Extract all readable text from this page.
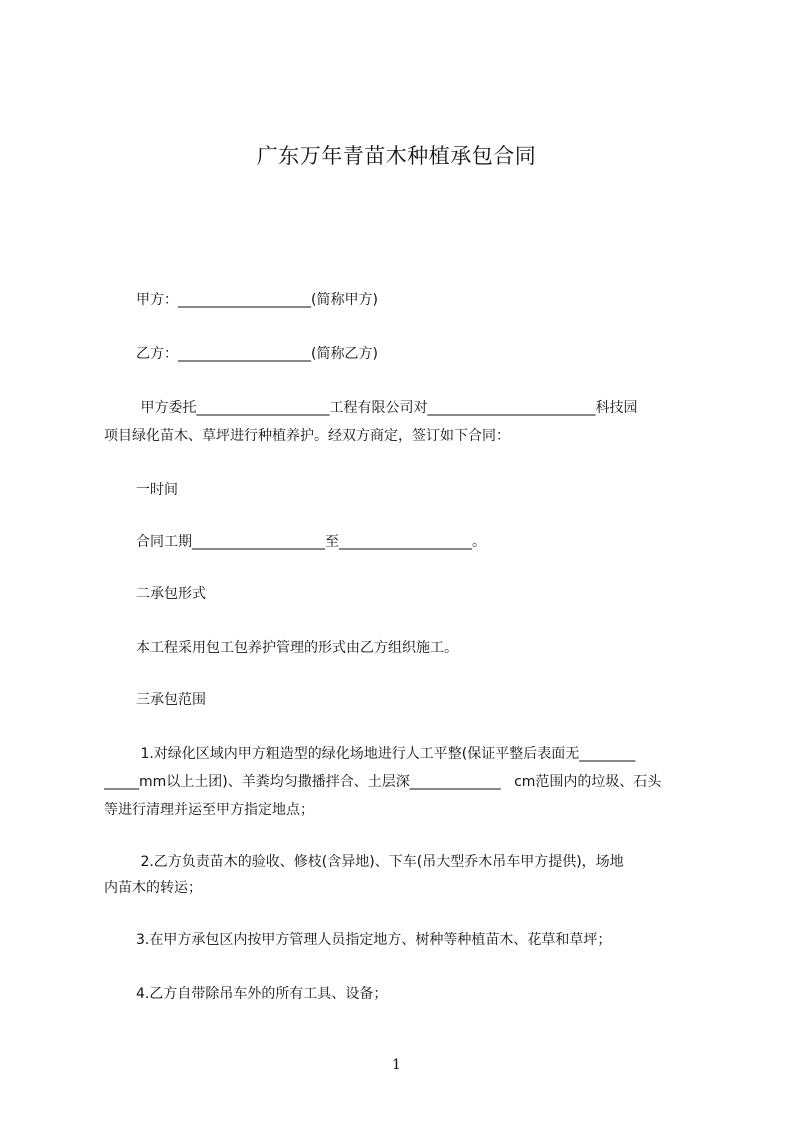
广东万年青苗木种植承包合同
甲方：___________________(简称甲方)
乙方：___________________(简称乙方)
甲方委托___________________工程有限公司对________________________科技园
项目绿化苗木、草坪进行种植养护。经双方商定，签订如下合同：
一时间
合同工期___________________至___________________。
二承包形式
本工程采用包工包养护管理的形式由乙方组织施工。
三承包范围
1.对绿化区域内甲方粗造型的绿化场地进行人工平整(保证平整后表面无________
_____mm以上土团)、羊粪均匀撒播拌合、土层深_____________   cm范围内的垃圾、石头
等进行清理并运至甲方指定地点；
2.乙方负责苗木的验收、修枝(含异地)、下车(吊大型乔木吊车甲方提供)，场地
内苗木的转运；
3.在甲方承包区内按甲方管理人员指定地方、树种等种植苗木、花草和草坪；
4.乙方自带除吊车外的所有工具、设备；
1
